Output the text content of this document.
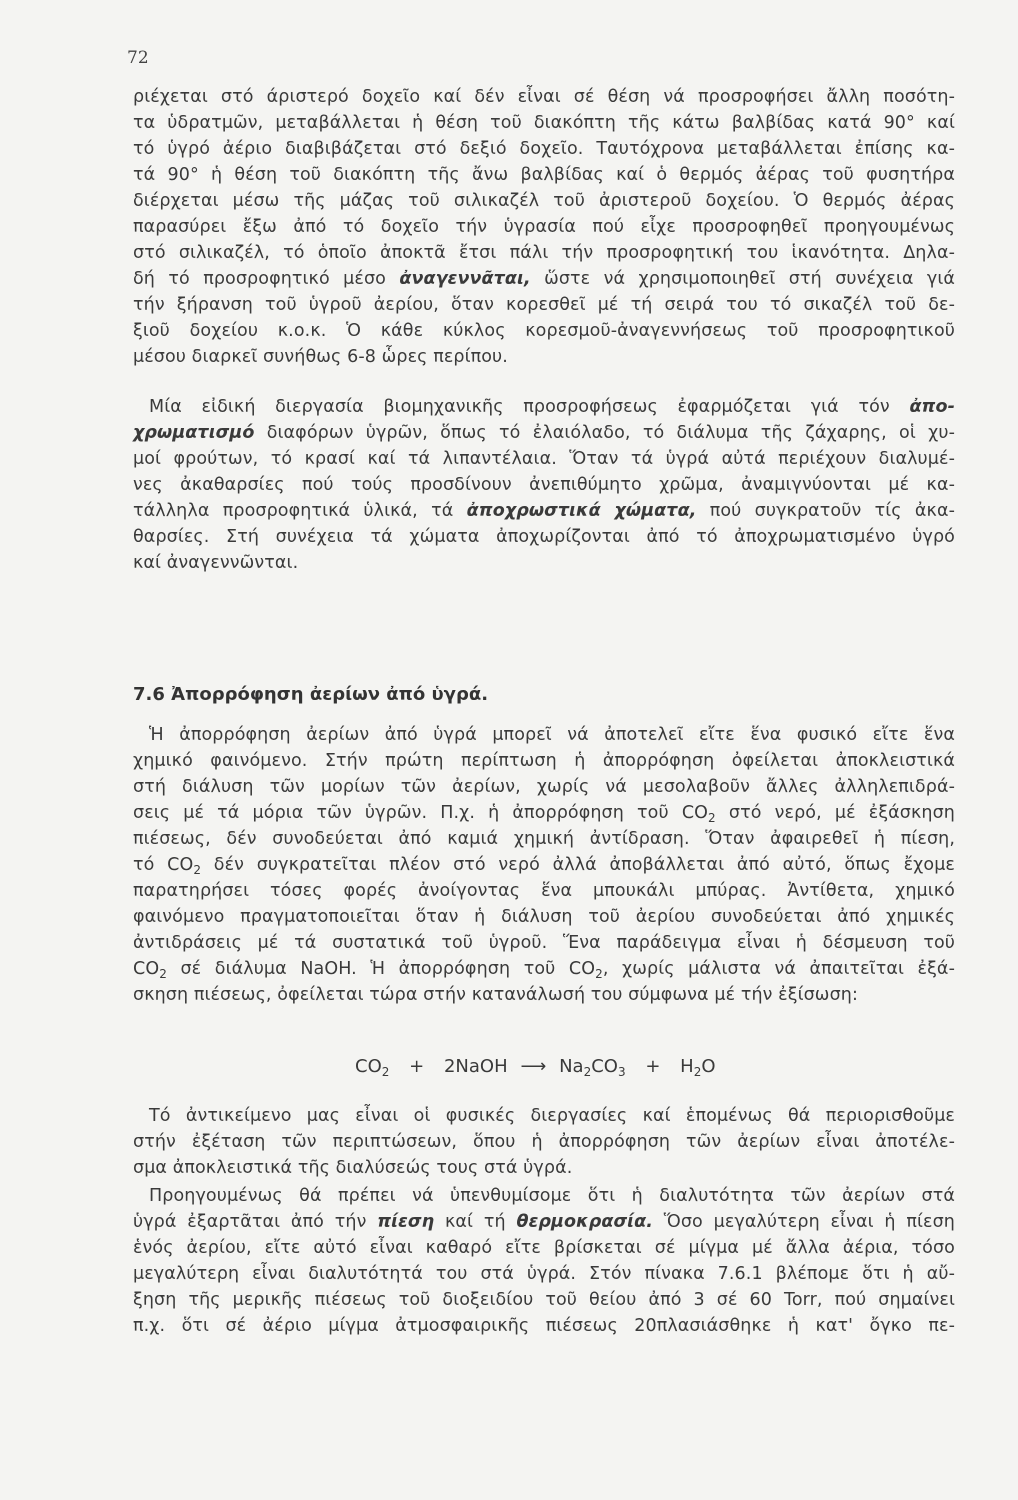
72
ριέχεται στό άριστερό δοχεῖο καί δέν εἶναι σέ θέση νά προσροφήσει ἄλλη ποσότη-
τα ὑδρατμῶν, μεταβάλλεται ἡ θέση τοῦ διακόπτη τῆς κάτω βαλβίδας κατά 90° καί
τό ὑγρό ἀέριο διαβιβάζεται στό δεξιό δοχεῖο. Ταυτόχρονα μεταβάλλεται ἐπίσης κα-
τά 90° ἡ θέση τοῦ διακόπτη τῆς ἄνω βαλβίδας καί ὁ θερμός ἀέρας τοῦ φυσητήρα
διέρχεται μέσω τῆς μάζας τοῦ σιλικαζέλ τοῦ ἀριστεροῦ δοχείου. Ὁ θερμός ἀέρας
παρασύρει ἔξω ἀπό τό δοχεῖο τήν ὑγρασία πού εἶχε προσροφηθεῖ προηγουμένως
στό σιλικαζέλ, τό ὁποῖο ἀποκτᾶ ἔτσι πάλι τήν προσροφητική του ἱκανότητα. Δηλα-
δή τό προσροφητικό μέσο ἀναγεννᾶται, ὥστε νά χρησιμοποιηθεῖ στή συνέχεια γιά
τήν ξήρανση τοῦ ὑγροῦ ἀερίου, ὅταν κορεσθεῖ μέ τή σειρά του τό σικαζέλ τοῦ δε-
ξιοῦ δοχείου κ.ο.κ. Ὁ κάθε κύκλος κορεσμοῦ-ἀναγεννήσεως τοῦ προσροφητικοῦ
μέσου διαρκεῖ συνήθως 6-8 ὧρες περίπου.
Μία εἰδική διεργασία βιομηχανικῆς προσροφήσεως ἐφαρμόζεται γιά τόν ἀπο-
χρωματισμό διαφόρων ὑγρῶν, ὅπως τό ἐλαιόλαδο, τό διάλυμα τῆς ζάχαρης, οἱ χυ-
μοί φρούτων, τό κρασί καί τά λιπαντέλαια. Ὅταν τά ὑγρά αὐτά περιέχουν διαλυμέ-
νες ἀκαθαρσίες πού τούς προσδίνουν ἀνεπιθύμητο χρῶμα, ἀναμιγνύονται μέ κα-
τάλληλα προσροφητικά ὑλικά, τά ἀποχρωστικά χώματα, πού συγκρατοῦν τίς ἀκα-
θαρσίες. Στή συνέχεια τά χώματα ἀποχωρίζονται ἀπό τό ἀποχρωματισμένο ὑγρό
καί ἀναγεννῶνται.
7.6 Ἀπορρόφηση ἀερίων ἀπό ὑγρά.
Ἡ ἀπορρόφηση ἀερίων ἀπό ὑγρά μπορεῖ νά ἀποτελεῖ εἴτε ἕνα φυσικό εἴτε ἕνα
χημικό φαινόμενο. Στήν πρώτη περίπτωση ἡ ἀπορρόφηση ὀφείλεται ἀποκλειστικά
στή διάλυση τῶν μορίων τῶν ἀερίων, χωρίς νά μεσολαβοῦν ἄλλες ἀλληλεπιδρά-
σεις μέ τά μόρια τῶν ὑγρῶν. Π.χ. ἡ ἀπορρόφηση τοῦ $CO_2$ στό νερό, μέ ἐξάσκηση
πιέσεως, δέν συνοδεύεται ἀπό καμιά χημική ἀντίδραση. Ὅταν ἀφαιρεθεῖ ἡ πίεση,
τό $CO_2$ δέν συγκρατεῖται πλέον στό νερό ἀλλά ἀποβάλλεται ἀπό αὐτό, ὅπως ἔχομε
παρατηρήσει τόσες φορές ἀνοίγοντας ἕνα μπουκάλι μπύρας. Ἀντίθετα, χημικό
φαινόμενο πραγματοποιεῖται ὅταν ἡ διάλυση τοῦ ἀερίου συνοδεύεται ἀπό χημικές
ἀντιδράσεις μέ τά συστατικά τοῦ ὑγροῦ. Ἕνα παράδειγμα εἶναι ἡ δέσμευση τοῦ
$CO_2$ σέ διάλυμα NaOH. Ἡ ἀπορρόφηση τοῦ $CO_2$, χωρίς μάλιστα νά ἀπαιτεῖται ἐξά-
σκηση πιέσεως, ὀφείλεται τώρα στήν κατανάλωσή του σύμφωνα μέ τήν ἐξίσωση:
$CO_2$ + 2NaOH ⟶ $Na_2CO_3 + H_2O$
Τό ἀντικείμενο μας εἶναι οἱ φυσικές διεργασίες καί ἑπομένως θά περιορισθοῦμε
στήν ἐξέταση τῶν περιπτώσεων, ὅπου ἡ ἀπορρόφηση τῶν ἀερίων εἶναι ἀποτέλε-
σμα ἀποκλειστικά τῆς διαλύσεώς τους στά ὑγρά.
Προηγουμένως θά πρέπει νά ὑπενθυμίσομε ὅτι ἡ διαλυτότητα τῶν ἀερίων στά
ὑγρά ἐξαρτᾶται ἀπό τήν πίεση καί τή θερμοκρασία. Ὅσο μεγαλύτερη εἶναι ἡ πίεση
ἑνός ἀερίου, εἴτε αὐτό εἶναι καθαρό εἴτε βρίσκεται σέ μίγμα μέ ἄλλα ἀέρια, τόσο
μεγαλύτερη εἶναι διαλυτότητά του στά ὑγρά. Στόν πίνακα 7.6.1 βλέπομε ὅτι ἡ αὔ-
ξηση τῆς μερικῆς πιέσεως τοῦ διοξειδίου τοῦ θείου ἀπό 3 σέ 60 Torr, πού σημαίνει
π.χ. ὅτι σέ ἀέριο μίγμα ἀτμοσφαιρικῆς πιέσεως 20πλασιάσθηκε ἡ κατ' ὄγκο πε-
